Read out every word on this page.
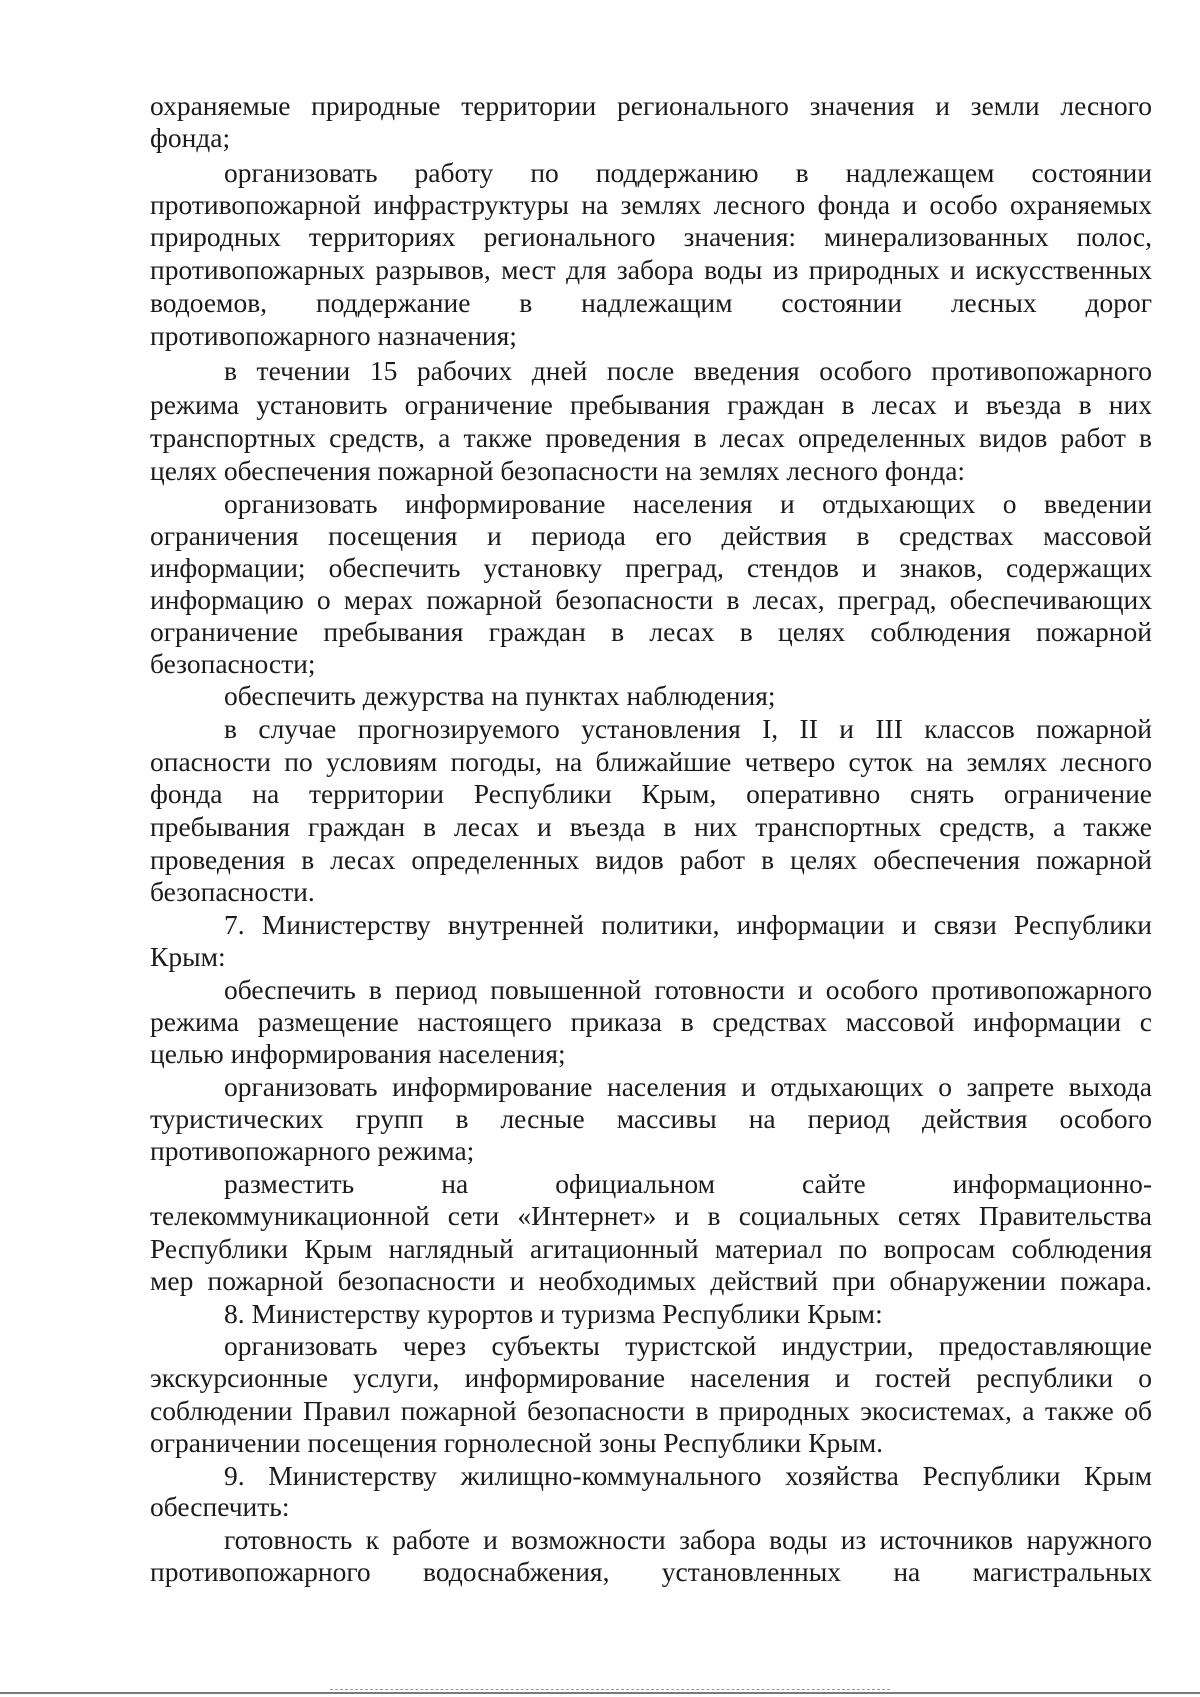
охраняемые природные территории регионального значения и земли лесного
фонда;
организовать работу по поддержанию в надлежащем состоянии
противопожарной инфраструктуры на землях лесного фонда и особо охраняемых
природных территориях регионального значения: минерализованных полос,
противопожарных разрывов, мест для забора воды из природных и искусственных
водоемов, поддержание в надлежащим состоянии лесных дорог
противопожарного назначения;
в течении 15 рабочих дней после введения особого противопожарного
режима установить ограничение пребывания граждан в лесах и въезда в них
транспортных средств, а также проведения в лесах определенных видов работ в
целях обеспечения пожарной безопасности на землях лесного фонда:
организовать информирование населения и отдыхающих о введении
ограничения посещения и периода его действия в средствах массовой
информации; обеспечить установку преград, стендов и знаков, содержащих
информацию о мерах пожарной безопасности в лесах, преград, обеспечивающих
ограничение пребывания граждан в лесах в целях соблюдения пожарной
безопасности;
обеспечить дежурства на пунктах наблюдения;
в случае прогнозируемого установления I, II и III классов пожарной
опасности по условиям погоды, на ближайшие четверо суток на землях лесного
фонда на территории Республики Крым, оперативно снять ограничение
пребывания граждан в лесах и въезда в них транспортных средств, а также
проведения в лесах определенных видов работ в целях обеспечения пожарной
безопасности.
7. Министерству внутренней политики, информации и связи Республики
Крым:
обеспечить в период повышенной готовности и особого противопожарного
режима размещение настоящего приказа в средствах массовой информации с
целью информирования населения;
организовать информирование населения и отдыхающих о запрете выхода
туристических групп в лесные массивы на период действия особого
противопожарного режима;
разместить на официальном сайте информационно-
телекоммуникационной сети «Интернет» и в социальных сетях Правительства
Республики Крым наглядный агитационный материал по вопросам соблюдения
мер пожарной безопасности и необходимых действий при обнаружении пожара.
8. Министерству курортов и туризма Республики Крым:
организовать через субъекты туристской индустрии, предоставляющие
экскурсионные услуги, информирование населения и гостей республики о
соблюдении Правил пожарной безопасности в природных экосистемах, а также об
ограничении посещения горнолесной зоны Республики Крым.
9. Министерству жилищно-коммунального хозяйства Республики Крым
обеспечить:
готовность к работе и возможности забора воды из источников наружного
противопожарного водоснабжения, установленных на магистральных
